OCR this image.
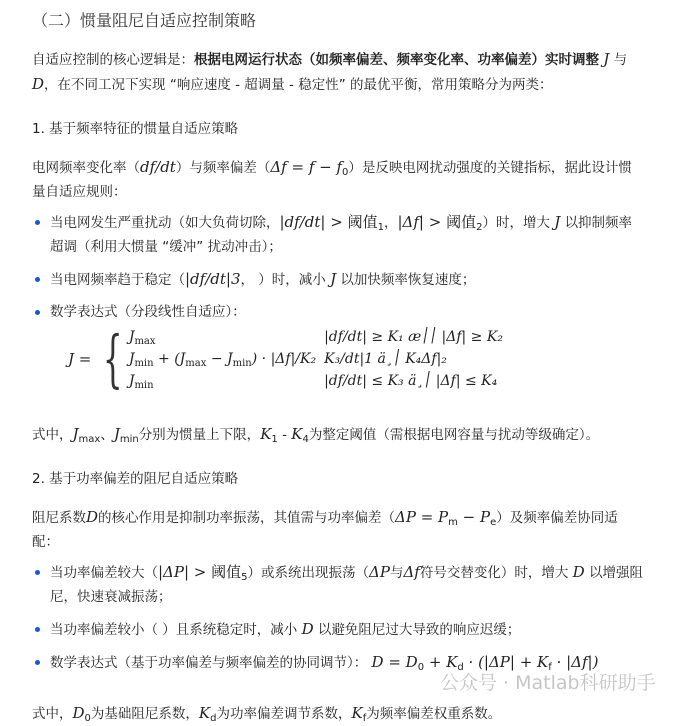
（二）惯量阻尼自适应控制策略

自适应控制的核心逻辑是：根据电网运行状态（如频率偏差、频率变化率、功率偏差）实时调整 J 与 D，在不同工况下实现 “响应速度 - 超调量 - 稳定性” 的最优平衡，常用策略分为两类：

1. 基于频率特征的惯量自适应策略

电网频率变化率（df/dt）与频率偏差$(\Delta f = f - f_0)$是反映电网扰动强度的关键指标，据此设计惯量自适应规则：

当电网发生严重扰动（如大负荷切除，|df/dt| > 阈值$_1$，|Δf| > 阈值$_2$）时，增大 J 以抑制频率超调（利用大惯量 “缓冲” 扰动冲击）；
当电网频率趋于稳定（|df/dt|3， ）时，减小 J 以加快频率恢复速度；
数学表达式（分段线性自适应）：
J = { $J_{max}$	|df/dt| ≥ K₁ æ׀׀ |Δf| ≥ K₂
$J_{min} + (J_{max} - J_{min}) \cdot |\Delta f|/K_2$	K₃/dt|1 ä¸׀ K₄Δf|₂
$J_{min}$	|df/dt| ≤ K₃ ä¸׀ |Δf| ≤ K₄

式中，$J_{max}$、$J_{min}$分别为惯量上下限，$K_1 - K_4$为整定阈值（需根据电网容量与扰动等级确定）。

2. 基于功率偏差的阻尼自适应策略

阻尼系数D的核心作用是抑制功率振荡，其值需与功率偏差$(\Delta P = P_m - P_e)$及频率偏差协同适配：

当功率偏差较大（|ΔP| > 阈值$_5$）或系统出现振荡（ΔP与Δf符号交替变化）时，增大 D 以增强阻尼，快速衰减振荡；
当功率偏差较小（ ）且系统稳定时，减小 D 以避免阻尼过大导致的响应迟缓；
数学表达式（基于功率偏差与频率偏差的协同调节）： $D = D_0 + K_d \cdot (|\Delta P| + K_f \cdot |\Delta f|)$

式中，$D_0$为基础阻尼系数，$K_d$为功率偏差调节系数，$K_f$为频率偏差权重系数。

公众号 · Matlab科研助手
